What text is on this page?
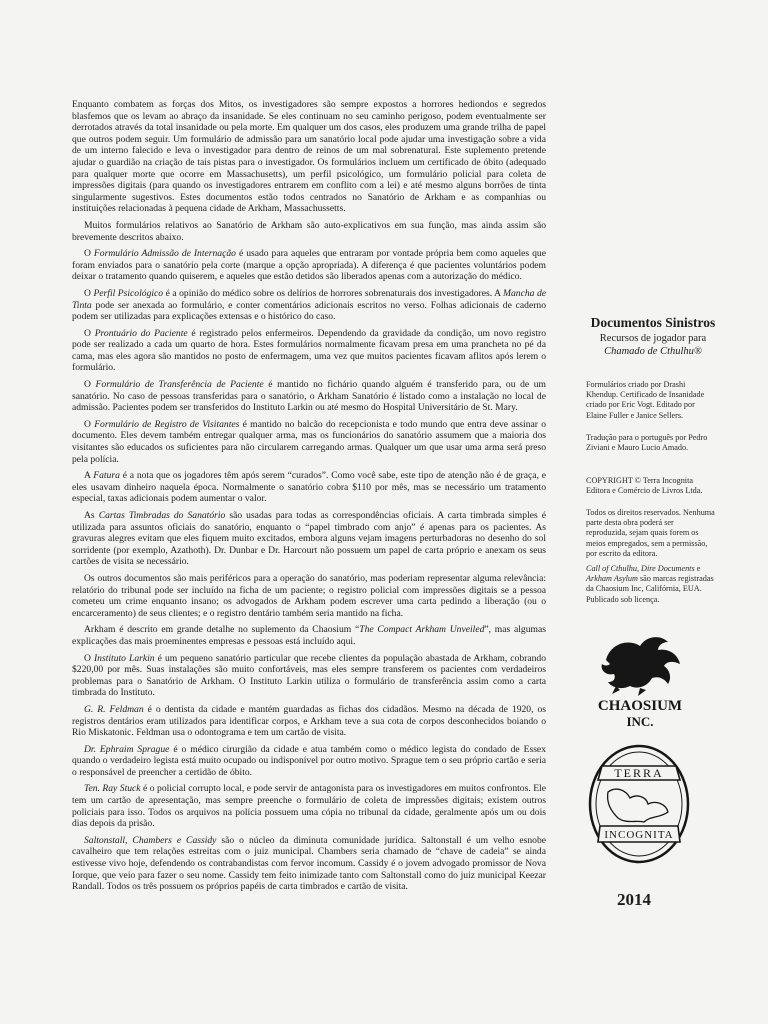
Enquanto combatem as forças dos Mitos, os investigadores são sempre expostos a horrores hediondos e segredos blasfemos que os levam ao abraço da insanidade. Se eles continuam no seu caminho perigoso, podem eventualmente ser derrotados através da total insanidade ou pela morte. Em qualquer um dos casos, eles produzem uma grande trilha de papel que outros podem seguir. Um formulário de admissão para um sanatório local pode ajudar uma investigação sobre a vida de um interno falecido e leva o investigador para dentro de reinos de um mal sobrenatural. Este suplemento pretende ajudar o guardião na criação de tais pistas para o investigador. Os formulários incluem um certificado de óbito (adequado para qualquer morte que ocorre em Massachusetts), um perfil psicológico, um formulário policial para coleta de impressões digitais (para quando os investigadores entrarem em conflito com a lei) e até mesmo alguns borrões de tinta singularmente sugestivos. Estes documentos estão todos centrados no Sanatório de Arkham e as companhias ou instituições relacionadas à pequena cidade de Arkham, Massachussetts.

Muitos formulários relativos ao Sanatório de Arkham são auto-explicativos em sua função, mas ainda assim são brevemente descritos abaixo.

O Formulário Admissão de Internação é usado para aqueles que entraram por vontade própria bem como aqueles que foram enviados para o sanatório pela corte (marque a opção apropriada). A diferença é que pacientes voluntários podem deixar o tratamento quando quiserem, e aqueles que estão detidos são liberados apenas com a autorização do médico.

O Perfil Psicológico é a opinião do médico sobre os delírios de horrores sobrenaturais dos investigadores. A Mancha de Tinta pode ser anexada ao formulário, e conter comentários adicionais escritos no verso. Folhas adicionais de caderno podem ser utilizadas para explicações extensas e o histórico do caso.

O Prontuário do Paciente é registrado pelos enfermeiros. Dependendo da gravidade da condição, um novo registro pode ser realizado a cada um quarto de hora. Estes formulários normalmente ficavam presa em uma prancheta no pé da cama, mas eles agora são mantidos no posto de enfermagem, uma vez que muitos pacientes ficavam aflitos após lerem o formulário.

O Formulário de Transferência de Paciente é mantido no fichário quando alguém é transferido para, ou de um sanatório. No caso de pessoas transferidas para o sanatório, o Arkham Sanatório é listado como a instalação no local de admissão. Pacientes podem ser transferidos do Instituto Larkin ou até mesmo do Hospital Universitário de St. Mary.

O Formulário de Registro de Visitantes é mantido no balcão do recepcionista e todo mundo que entra deve assinar o documento. Eles devem também entregar qualquer arma, mas os funcionários do sanatório assumem que a maioria dos visitantes são educados os suficientes para não circularem carregando armas. Qualquer um que usar uma arma será preso pela polícia.

A Fatura é a nota que os jogadores têm após serem “curados”. Como você sabe, este tipo de atenção não é de graça, e eles usavam dinheiro naquela época. Normalmente o sanatório cobra $110 por mês, mas se necessário um tratamento especial, taxas adicionais podem aumentar o valor.

As Cartas Timbradas do Sanatório são usadas para todas as correspondências oficiais. A carta timbrada simples é utilizada para assuntos oficiais do sanatório, enquanto o “papel timbrado com anjo” é apenas para os pacientes. As gravuras alegres evitam que eles fiquem muito excitados, embora alguns vejam imagens perturbadoras no desenho do sol sorridente (por exemplo, Azathoth). Dr. Dunbar e Dr. Harcourt não possuem um papel de carta próprio e anexam os seus cartões de visita se necessário.

Os outros documentos são mais periféricos para a operação do sanatório, mas poderiam representar alguma relevância: relatório do tribunal pode ser incluído na ficha de um paciente; o registro policial com impressões digitais se a pessoa cometeu um crime enquanto insano; os advogados de Arkham podem escrever uma carta pedindo a liberação (ou o encarceramento) de seus clientes; e o registro dentário também seria mantido na ficha.

Arkham é descrito em grande detalhe no suplemento da Chaosium “The Compact Arkham Unveiled”, mas algumas explicações das mais proeminentes empresas e pessoas está incluído aqui.

O Instituto Larkin é um pequeno sanatório particular que recebe clientes da população abastada de Arkham, cobrando $220,00 por mês. Suas instalações são muito confortáveis, mas eles sempre transferem os pacientes com verdadeiros problemas para o Sanatório de Arkham. O Instituto Larkin utiliza o formulário de transferência assim como a carta timbrada do Instituto.

G. R. Feldman é o dentista da cidade e mantém guardadas as fichas dos cidadãos. Mesmo na década de 1920, os registros dentários eram utilizados para identificar corpos, e Arkham teve a sua cota de corpos desconhecidos boiando o Rio Miskatonic. Feldman usa o odontograma e tem um cartão de visita.

Dr. Ephraim Sprague é o médico cirurgião da cidade e atua também como o médico legista do condado de Essex quando o verdadeiro legista está muito ocupado ou indisponível por outro motivo. Sprague tem o seu próprio cartão e seria o responsável de preencher a certidão de óbito.

Ten. Ray Stuck é o policial corrupto local, e pode servir de antagonista para os investigadores em muitos confrontos. Ele tem um cartão de apresentação, mas sempre preenche o formulário de coleta de impressões digitais; existem outros policiais para isso. Todos os arquivos na polícia possuem uma cópia no tribunal da cidade, geralmente após um ou dois dias depois da prisão.

Saltonstall, Chambers e Cassidy são o núcleo da diminuta comunidade jurídica. Saltonstall é um velho esnobe cavalheiro que tem relações estreitas com o juiz municipal. Chambers seria chamado de “chave de cadeia” se ainda estivesse vivo hoje, defendendo os contrabandistas com fervor incomum. Cassidy é o jovem advogado promissor de Nova Iorque, que veio para fazer o seu nome. Cassidy tem feito inimizade tanto com Saltonstall como do juiz municipal Keezar Randall. Todos os três possuem os próprios papéis de carta timbrados e cartão de visita.

Documentos Sinistros
Recursos de jogador para
Chamado de Cthulhu®
Formulários criado por Drashi Khendup. Certificado de Insanidade criado por Eric Vogt. Editado por Elaine Fuller e Janice Sellers.
Tradução para o português por Pedro Ziviani e Mauro Lucio Amado.
COPYRIGHT © Terra Incognita Editora e Comércio de Livros Ltda.
Todos os direitos reservados. Nenhuma parte desta obra poderá ser reproduzida, sejam quais forem os meios empregados, sem a permissão, por escrito da editora.
Call of Cthulhu, Dire Documents e Arkham Asylum são marcas registradas da Chaosium Inc, Califórnia, EUA. Publicado sob licença.
CHAOSIUM
INC.
TERRA
INCOGNITA
2014
